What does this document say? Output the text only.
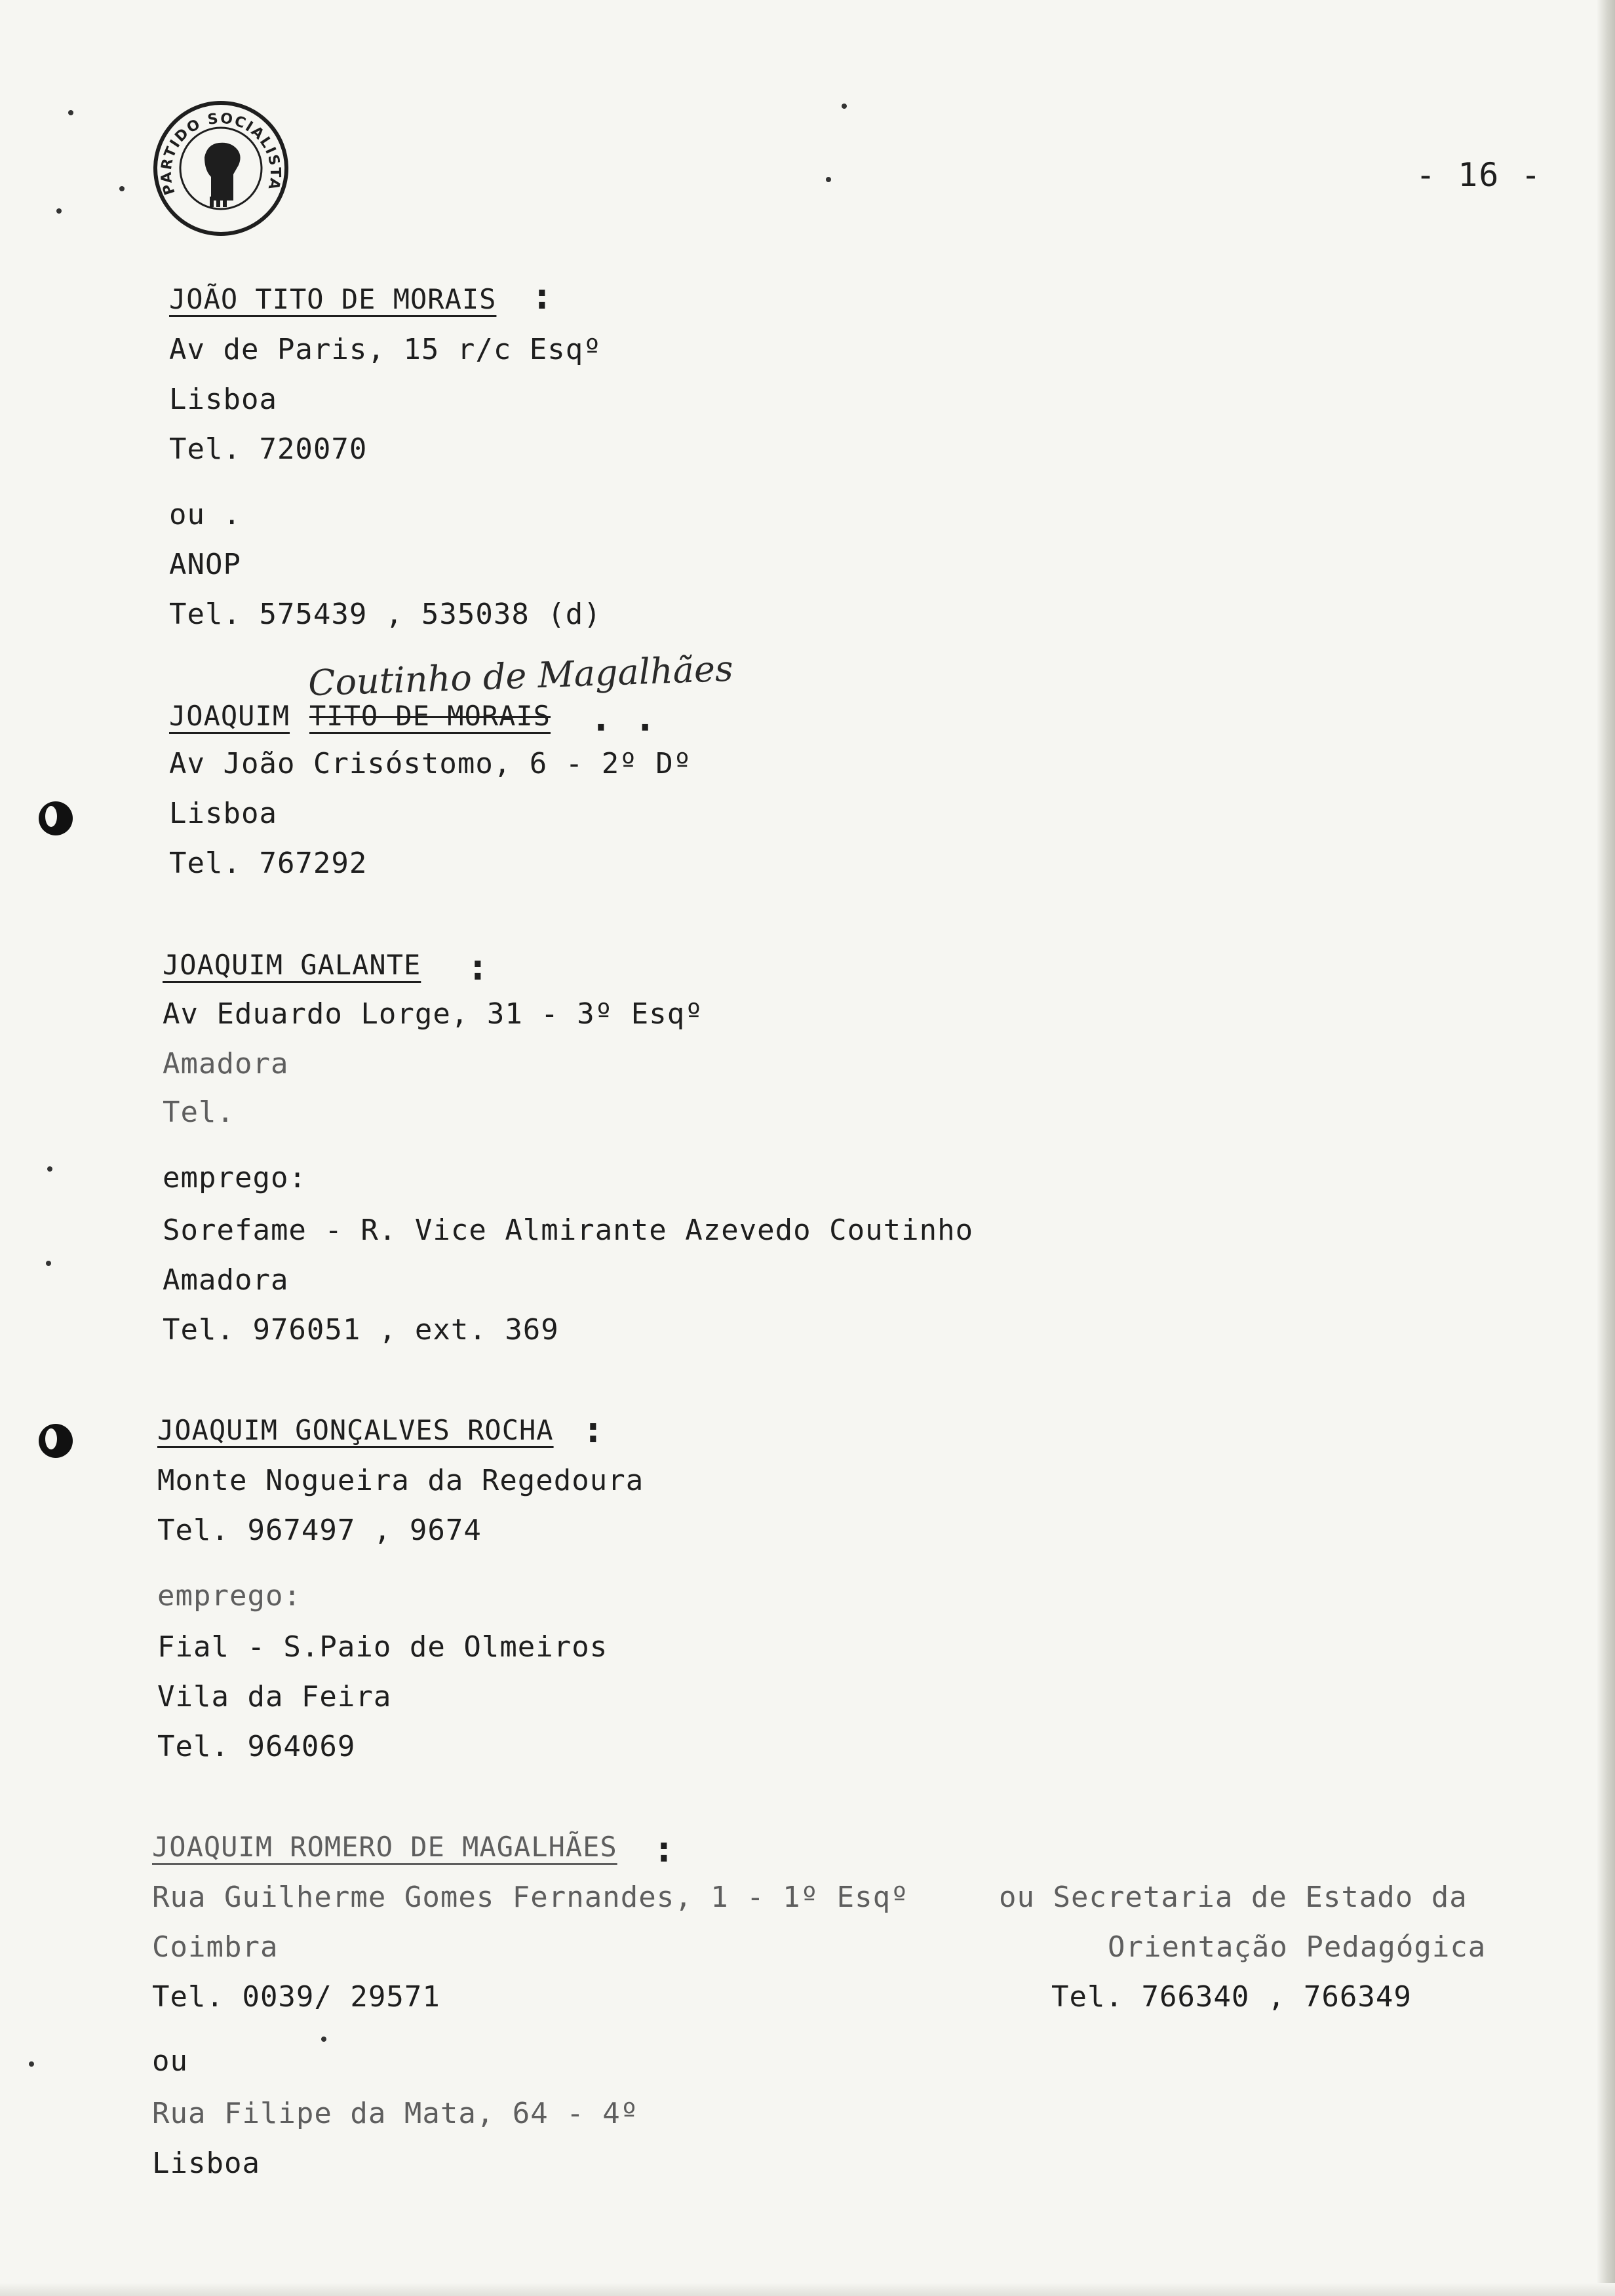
PARTIDO SOCIALISTA	- 16 -
JOÃO TITO DE MORAIS :
Av de Paris, 15 r/c Esqº
Lisboa
Tel. 720070
ou .
ANOP
Tel. 575439 , 535038 (d)
Coutinho de Magalhães
JOAQUIM TITO DE MORAIS . .
Av João Crisóstomo, 6 - 2º Dº
Lisboa
Tel. 767292
JOAQUIM GALANTE :
Av Eduardo Lorge, 31 - 3º Esqº
Amadora
Tel.
emprego:
Sorefame - R. Vice Almirante Azevedo Coutinho
Amadora
Tel. 976051 , ext. 369
JOAQUIM GONÇALVES ROCHA :
Monte Nogueira da Regedoura
Tel. 967497 , 9674
emprego:
Fial - S.Paio de Olmeiros
Vila da Feira
Tel. 964069
JOAQUIM ROMERO DE MAGALHÃES :
Rua Guilherme Gomes Fernandes, 1 - 1º Esqº
Coimbra
Tel. 0039/ 29571
ou Secretaria de Estado da
Orientação Pedagógica
Tel. 766340 , 766349
ou
Rua Filipe da Mata, 64 - 4º
Lisboa
